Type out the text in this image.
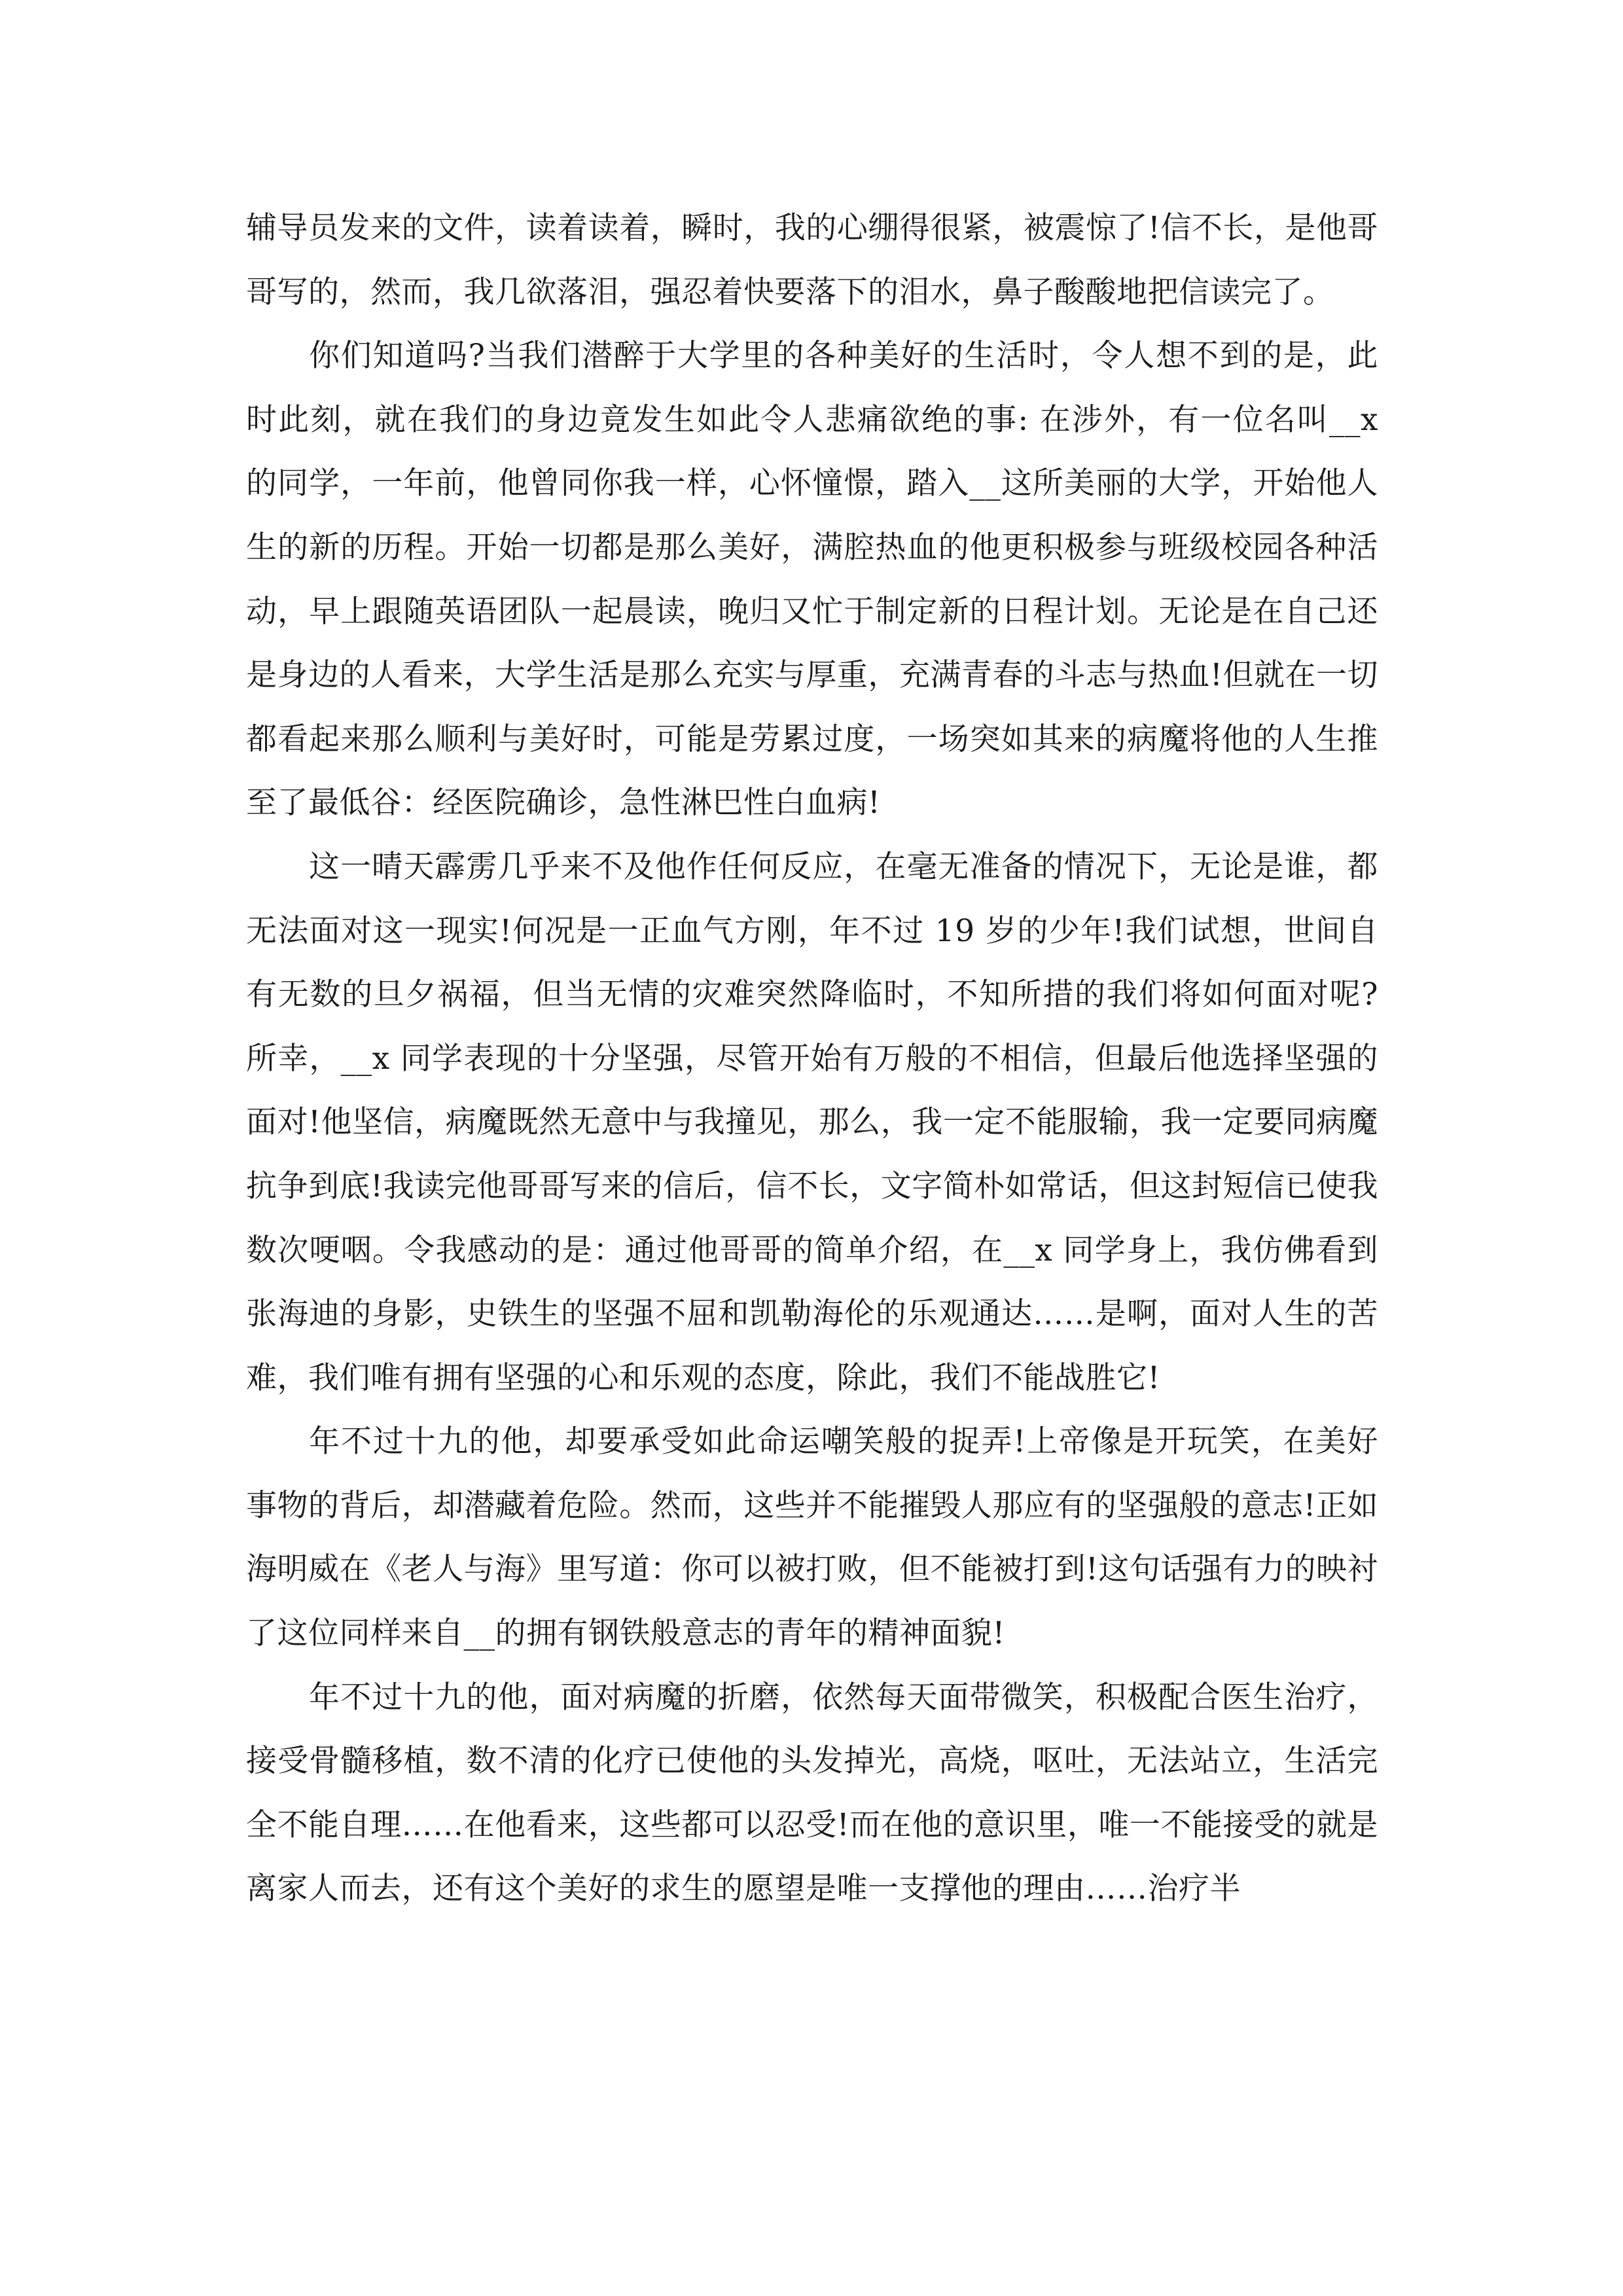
辅导员发来的文件，读着读着，瞬时，我的心绷得很紧，被震惊了!信不长，是他哥哥写的，然而，我几欲落泪，强忍着快要落下的泪水，鼻子酸酸地把信读完了。

你们知道吗?当我们潜醉于大学里的各种美好的生活时，令人想不到的是，此时此刻，就在我们的身边竟发生如此令人悲痛欲绝的事: 在涉外，有一位名叫__x 的同学，一年前，他曾同你我一样，心怀憧憬，踏入__这所美丽的大学，开始他人生的新的历程。开始一切都是那么美好，满腔热血的他更积极参与班级校园各种活动，早上跟随英语团队一起晨读，晚归又忙于制定新的日程计划。无论是在自己还是身边的人看来，大学生活是那么充实与厚重，充满青春的斗志与热血!但就在一切都看起来那么顺利与美好时，可能是劳累过度，一场突如其来的病魔将他的人生推至了最低谷：经医院确诊，急性淋巴性白血病!

这一晴天霹雳几乎来不及他作任何反应，在毫无准备的情况下，无论是谁，都无法面对这一现实!何况是一正血气方刚，年不过 19 岁的少年!我们试想，世间自有无数的旦夕祸福，但当无情的灾难突然降临时，不知所措的我们将如何面对呢?所幸，__x 同学表现的十分坚强，尽管开始有万般的不相信，但最后他选择坚强的面对!他坚信，病魔既然无意中与我撞见，那么，我一定不能服输，我一定要同病魔抗争到底!我读完他哥哥写来的信后，信不长，文字简朴如常话，但这封短信已使我数次哽咽。令我感动的是：通过他哥哥的简单介绍，在__x 同学身上，我仿佛看到张海迪的身影，史铁生的坚强不屈和凯勒海伦的乐观通达……是啊，面对人生的苦难，我们唯有拥有坚强的心和乐观的态度，除此，我们不能战胜它!

年不过十九的他，却要承受如此命运嘲笑般的捉弄!上帝像是开玩笑，在美好事物的背后，却潜藏着危险。然而，这些并不能摧毁人那应有的坚强般的意志!正如海明威在《老人与海》里写道：你可以被打败，但不能被打到!这句话强有力的映衬了这位同样来自__的拥有钢铁般意志的青年的精神面貌!

年不过十九的他，面对病魔的折磨，依然每天面带微笑，积极配合医生治疗，接受骨髓移植，数不清的化疗已使他的头发掉光，高烧，呕吐，无法站立，生活完全不能自理……在他看来，这些都可以忍受!而在他的意识里，唯一不能接受的就是离家人而去，还有这个美好的求生的愿望是唯一支撑他的理由……治疗半
